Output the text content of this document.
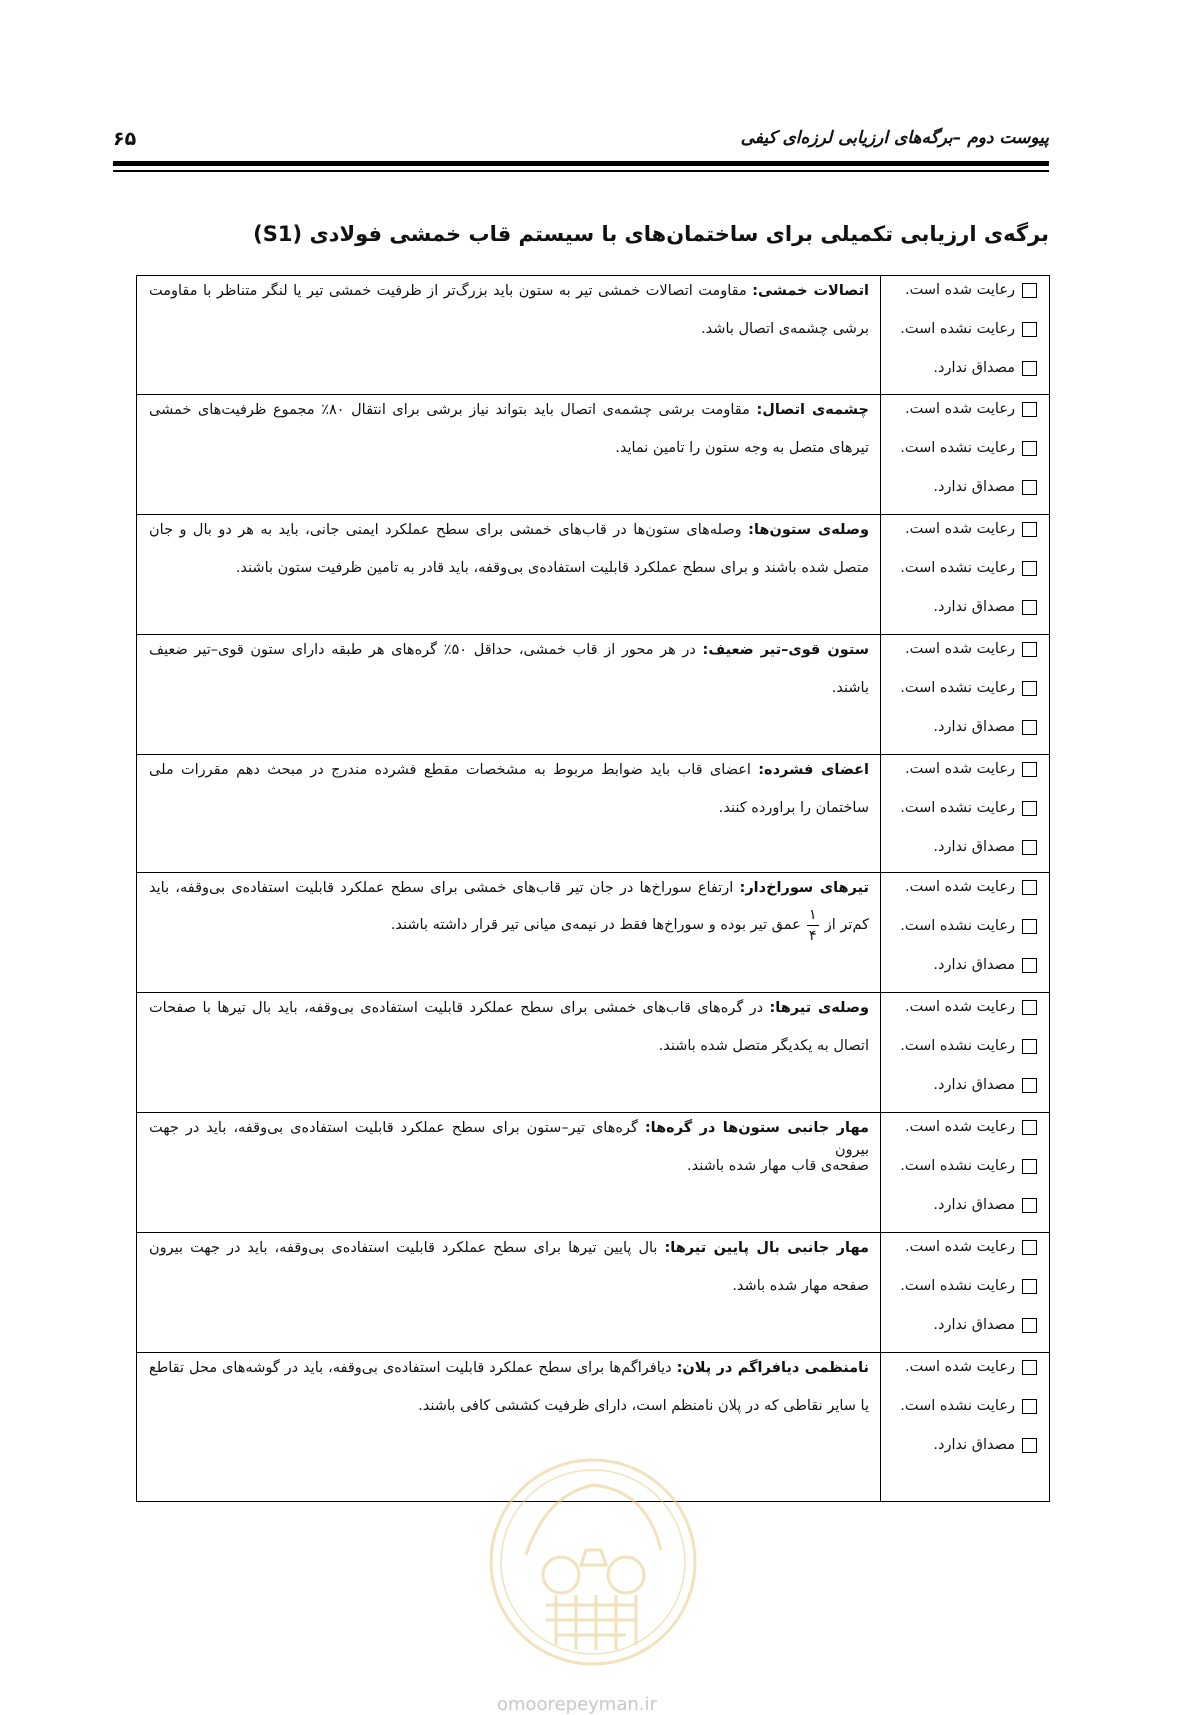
پیوست دوم –برگه‌های ارزیابی لرزه‌ای کیفی
۶۵
برگه‌ی ارزیابی تکمیلی برای ساختمان‌های با سیستم قاب خمشی فولادی (S1)
رعایت شده است.
رعایت نشده است.
مصداق ندارد.
اتصالات خمشی: مقاومت اتصالات خمشی تیر به ستون باید بزرگ‌تر از ظرفیت خمشی تیر یا لنگر متناظر با مقاومت
برشی چشمه‌ی اتصال باشد.
رعایت شده است.
رعایت نشده است.
مصداق ندارد.
چشمه‌ی اتصال: مقاومت برشی چشمه‌ی اتصال باید بتواند نیاز برشی برای انتقال ۸۰٪ مجموع ظرفیت‌های خمشی
تیرهای متصل به وجه ستون را تامین نماید.
رعایت شده است.
رعایت نشده است.
مصداق ندارد.
وصله‌ی ستون‌ها: وصله‌های ستون‌ها در قاب‌های خمشی برای سطح عملکرد ایمنی جانی، باید به هر دو بال و جان
متصل شده باشند و برای سطح عملکرد قابلیت استفاده‌ی بی‌وقفه، باید قادر به تامین ظرفیت ستون باشند.
رعایت شده است.
رعایت نشده است.
مصداق ندارد.
ستون قوی–تیر ضعیف: در هر محور از قاب خمشی، حداقل ۵۰٪ گره‌های هر طبقه دارای ستون قوی–تیر ضعیف
باشند.
رعایت شده است.
رعایت نشده است.
مصداق ندارد.
اعضای فشرده: اعضای قاب باید ضوابط مربوط به مشخصات مقطع فشرده مندرج در مبحث دهم مقررات ملی
ساختمان را براورده کنند.
رعایت شده است.
رعایت نشده است.
مصداق ندارد.
تیرهای سوراخ‌دار: ارتفاع سوراخ‌ها در جان تیر قاب‌های خمشی برای سطح عملکرد قابلیت استفاده‌ی بی‌وقفه، باید
کم‌تر از
$\frac{۱}{۴}$
عمق تیر بوده و سوراخ‌ها فقط در نیمه‌ی میانی تیر قرار داشته باشند.
رعایت شده است.
رعایت نشده است.
مصداق ندارد.
وصله‌ی تیرها: در گره‌های قاب‌های خمشی برای سطح عملکرد قابلیت استفاده‌ی بی‌وقفه، باید بال تیرها با صفحات
اتصال به یکدیگر متصل شده باشند.
رعایت شده است.
رعایت نشده است.
مصداق ندارد.
مهار جانبی ستون‌ها در گره‌ها: گره‌های تیر–ستون برای سطح عملکرد قابلیت استفاده‌ی بی‌وقفه، باید در جهت بیرون
صفحه‌ی قاب مهار شده باشند.
رعایت شده است.
رعایت نشده است.
مصداق ندارد.
مهار جانبی بال پایین تیرها: بال پایین تیرها برای سطح عملکرد قابلیت استفاده‌ی بی‌وقفه، باید در جهت بیرون
صفحه مهار شده باشد.
رعایت شده است.
رعایت نشده است.
مصداق ندارد.
نامنظمی دیافراگم در پلان: دیافراگم‌ها برای سطح عملکرد قابلیت استفاده‌ی بی‌وقفه، باید در گوشه‌های محل تقاطع
یا سایر نقاطی که در پلان نامنظم است، دارای ظرفیت کششی کافی باشند.
omoorepeyman.ir
